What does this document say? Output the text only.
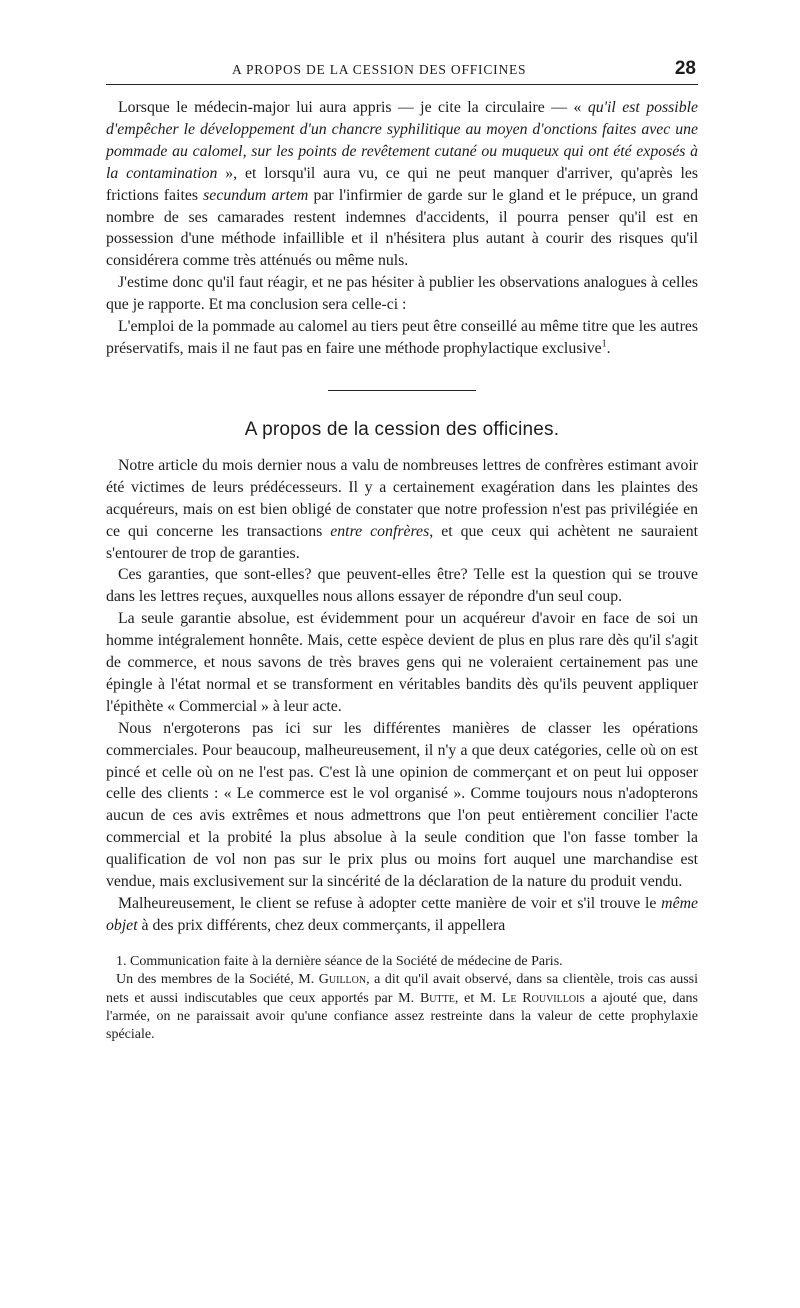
A PROPOS DE LA CESSION DES OFFICINES	28

Lorsque le médecin-major lui aura appris — je cite la circulaire — « qu'il est possible d'empêcher le développement d'un chancre syphilitique au moyen d'onctions faites avec une pommade au calomel, sur les points de revêtement cutané ou muqueux qui ont été exposés à la contamination », et lorsqu'il aura vu, ce qui ne peut manquer d'arriver, qu'après les frictions faites secundum artem par l'infirmier de garde sur le gland et le prépuce, un grand nombre de ses camarades restent indemnes d'accidents, il pourra penser qu'il est en possession d'une méthode infaillible et il n'hésitera plus autant à courir des risques qu'il considérera comme très atténués ou même nuls.

J'estime donc qu'il faut réagir, et ne pas hésiter à publier les observations analogues à celles que je rapporte. Et ma conclusion sera celle-ci :

L'emploi de la pommade au calomel au tiers peut être conseillé au même titre que les autres préservatifs, mais il ne faut pas en faire une méthode prophylactique exclusive$^1$.

A propos de la cession des officines.

Notre article du mois dernier nous a valu de nombreuses lettres de confrères estimant avoir été victimes de leurs prédécesseurs. Il y a certainement exagération dans les plaintes des acquéreurs, mais on est bien obligé de constater que notre profession n'est pas privilégiée en ce qui concerne les transactions entre confrères, et que ceux qui achètent ne sauraient s'entourer de trop de garanties.

Ces garanties, que sont-elles? que peuvent-elles être? Telle est la question qui se trouve dans les lettres reçues, auxquelles nous allons essayer de répondre d'un seul coup.

La seule garantie absolue, est évidemment pour un acquéreur d'avoir en face de soi un homme intégralement honnête. Mais, cette espèce devient de plus en plus rare dès qu'il s'agit de commerce, et nous savons de très braves gens qui ne voleraient certainement pas une épingle à l'état normal et se transforment en véritables bandits dès qu'ils peuvent appliquer l'épithète « Commercial » à leur acte.

Nous n'ergoterons pas ici sur les différentes manières de classer les opérations commerciales. Pour beaucoup, malheureusement, il n'y a que deux catégories, celle où on est pincé et celle où on ne l'est pas. C'est là une opinion de commerçant et on peut lui opposer celle des clients : « Le commerce est le vol organisé ». Comme toujours nous n'adopterons aucun de ces avis extrêmes et nous admettrons que l'on peut entièrement concilier l'acte commercial et la probité la plus absolue à la seule condition que l'on fasse tomber la qualification de vol non pas sur le prix plus ou moins fort auquel une marchandise est vendue, mais exclusivement sur la sincérité de la déclaration de la nature du produit vendu.

Malheureusement, le client se refuse à adopter cette manière de voir et s'il trouve le même objet à des prix différents, chez deux commerçants, il appellera

1. Communication faite à la dernière séance de la Société de médecine de Paris.

Un des membres de la Société, M. Guillon, a dit qu'il avait observé, dans sa clientèle, trois cas aussi nets et aussi indiscutables que ceux apportés par M. Butte, et M. Le Rouvillois a ajouté que, dans l'armée, on ne paraissait avoir qu'une confiance assez restreinte dans la valeur de cette prophylaxie spéciale.
